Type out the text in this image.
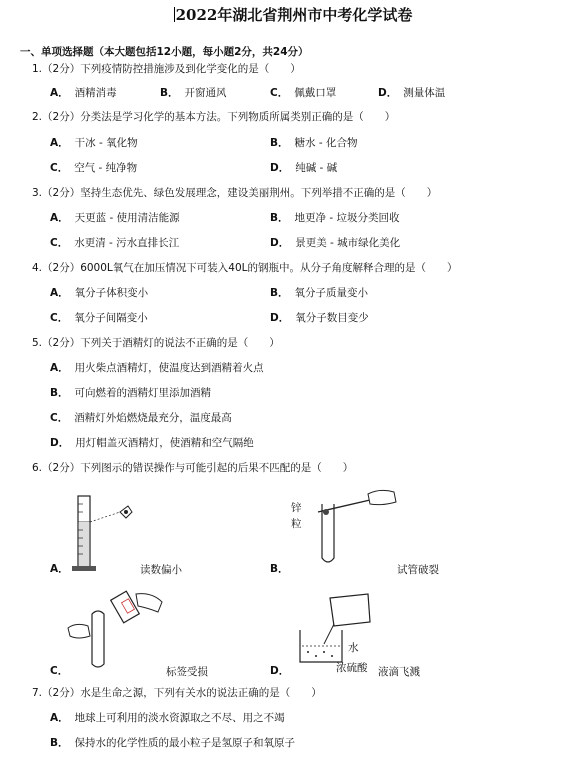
2022年湖北省荆州市中考化学试卷
一、单项选择题（本大题包括12小题，每小题2分，共24分）
1.（2分）下列疫情防控措施涉及到化学变化的是（　　）
A． 酒精消毒	B． 开窗通风	C． 佩戴口罩	D． 测量体温
2.（2分）分类法是学习化学的基本方法。下列物质所属类别正确的是（　　）
A． 干冰 - 氧化物	B． 糖水 - 化合物
C． 空气 - 纯净物	D． 纯碱 - 碱
3.（2分）坚持生态优先、绿色发展理念，建设美丽荆州。下列举措不正确的是（　　）
A． 天更蓝 - 使用清洁能源	B． 地更净 - 垃圾分类回收
C． 水更清 - 污水直排长江	D． 景更美 - 城市绿化美化
4.（2分）6000L氧气在加压情况下可装入40L的钢瓶中。从分子角度解释合理的是（　　）
A． 氧分子体积变小	B． 氧分子质量变小
C． 氧分子间隔变小	D． 氧分子数目变少
5.（2分）下列关于酒精灯的说法不正确的是（　　）
A． 用火柴点酒精灯，使温度达到酒精着火点
B． 可向燃着的酒精灯里添加酒精
C． 酒精灯外焰燃烧最充分，温度最高
D． 用灯帽盖灭酒精灯，使酒精和空气隔绝
6.（2分）下列图示的错误操作与可能引起的后果不匹配的是（　　）
A．	读数偏小
锌
粒
B．	试管破裂
C．	标签受损
水
浓硫酸
D．	液滴飞溅
7.（2分）水是生命之源，下列有关水的说法正确的是（　　）
A． 地球上可利用的淡水资源取之不尽、用之不竭
B． 保持水的化学性质的最小粒子是氢原子和氧原子
